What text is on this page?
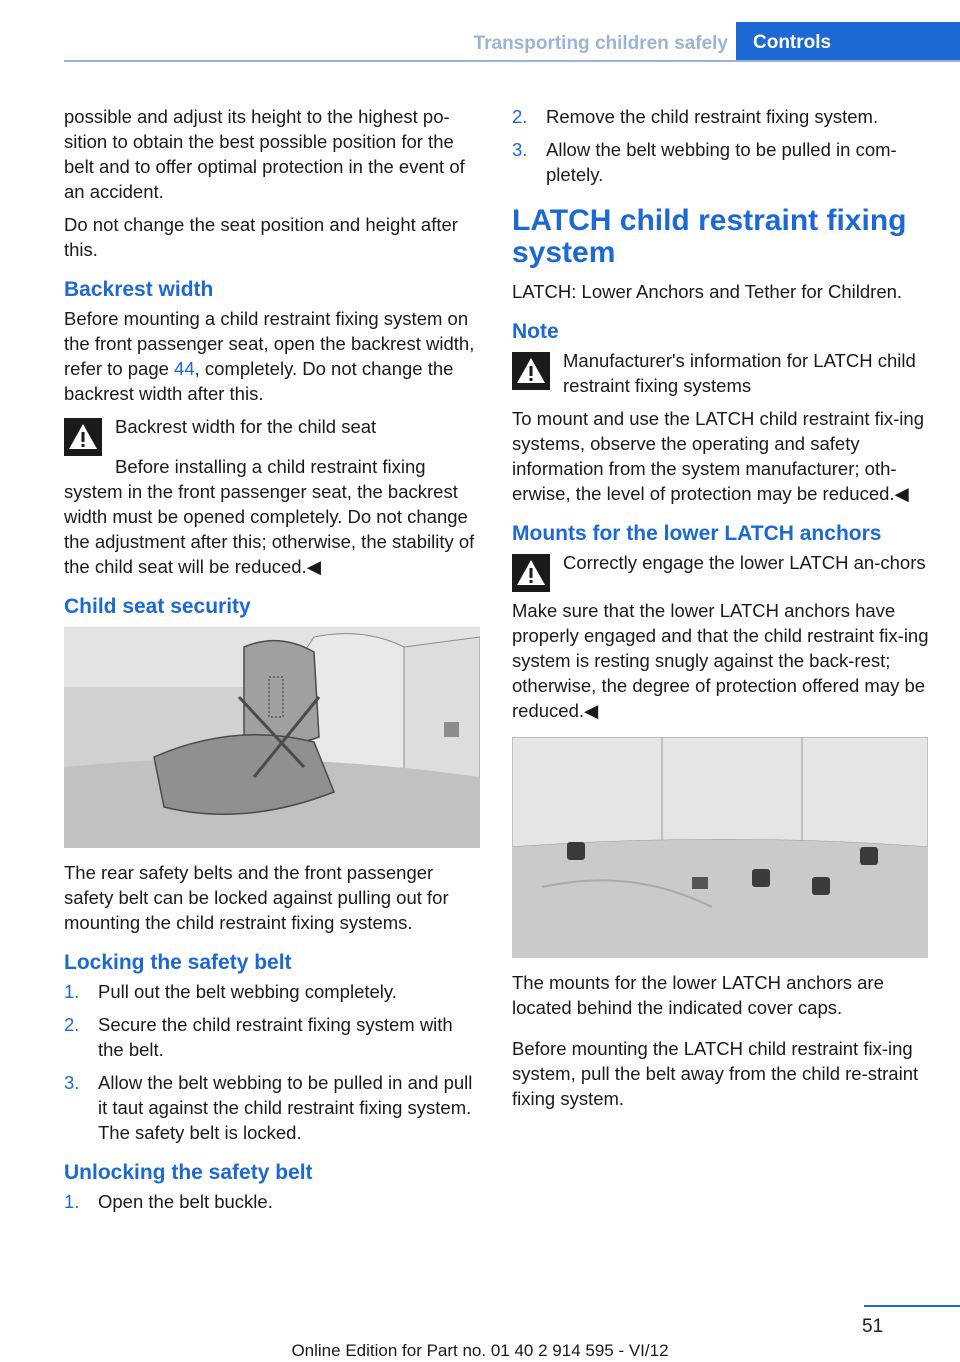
Transporting children safely	Controls

possible and adjust its height to the highest po‐sition to obtain the best possible position for the belt and to offer optimal protection in the event of an accident.

Do not change the seat position and height after this.

Backrest width

Before mounting a child restraint fixing system on the front passenger seat, open the backrest width, refer to page 44, completely. Do not change the backrest width after this.

Backrest width for the child seat

Before installing a child restraint fixing system in the front passenger seat, the backrest width must be opened completely. Do not change the adjustment after this; otherwise, the stability of the child seat will be reduced.◀

Child seat security

The rear safety belts and the front passenger safety belt can be locked against pulling out for mounting the child restraint fixing systems.

Locking the safety belt
1. Pull out the belt webbing completely.
2. Secure the child restraint fixing system with the belt.
3. Allow the belt webbing to be pulled in and pull it taut against the child restraint fixing system. The safety belt is locked.
Unlocking the safety belt
1. Open the belt buckle.
2. Remove the child restraint fixing system.
3. Allow the belt webbing to be pulled in com‐pletely.
LATCH child restraint fixing system

LATCH: Lower Anchors and Tether for Children.

Note

Manufacturer's information for LATCH child restraint fixing systems

To mount and use the LATCH child restraint fix‐ing systems, observe the operating and safety information from the system manufacturer; oth‐erwise, the level of protection may be reduced.◀

Mounts for the lower LATCH anchors

Correctly engage the lower LATCH an‐chors

Make sure that the lower LATCH anchors have properly engaged and that the child restraint fix‐ing system is resting snugly against the back‐rest; otherwise, the degree of protection offered may be reduced.◀

The mounts for the lower LATCH anchors are located behind the indicated cover caps.

Before mounting the LATCH child restraint fix‐ing system, pull the belt away from the child re‐straint fixing system.

51
Online Edition for Part no. 01 40 2 914 595 - VI/12
